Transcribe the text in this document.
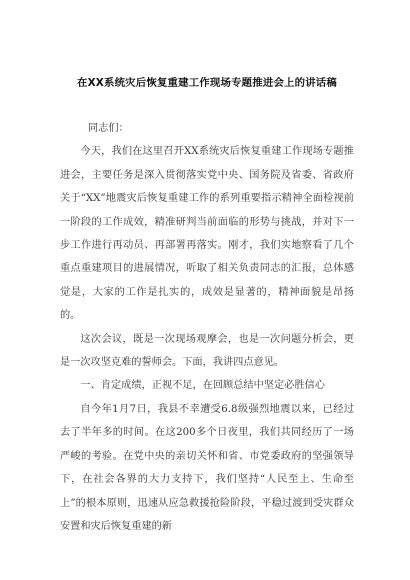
在XX系统灾后恢复重建工作现场专题推进会上的讲话稿

同志们：

今天，我们在这里召开XX系统灾后恢复重建工作现场专题推进会，主要任务是深入贯彻落实党中央、国务院及省委、省政府关于“XX”地震灾后恢复重建工作的系列重要指示精神全面检视前一阶段的工作成效，精准研判当前面临的形势与挑战，并对下一步工作进行再动员、再部署再落实。刚才，我们实地察看了几个重点重建项目的进展情况，听取了相关负责同志的汇报，总体感觉是，大家的工作是扎实的，成效是显著的，精神面貌是昂扬的。

这次会议，既是一次现场观摩会，也是一次问题分析会，更是一次攻坚克难的誓师会。下面，我讲四点意见。

一、肯定成绩，正视不足，在回顾总结中坚定必胜信心

自今年1月7日，我县不幸遭受6.8级强烈地震以来，已经过去了半年多的时间。在这200多个日夜里，我们共同经历了一场严峻的考验。在党中央的亲切关怀和省、市党委政府的坚强领导下，在社会各界的大力支持下，我们坚持“人民至上、生命至上”的根本原则，迅速从应急救援抢险阶段，平稳过渡到受灾群众安置和灾后恢复重建的新
